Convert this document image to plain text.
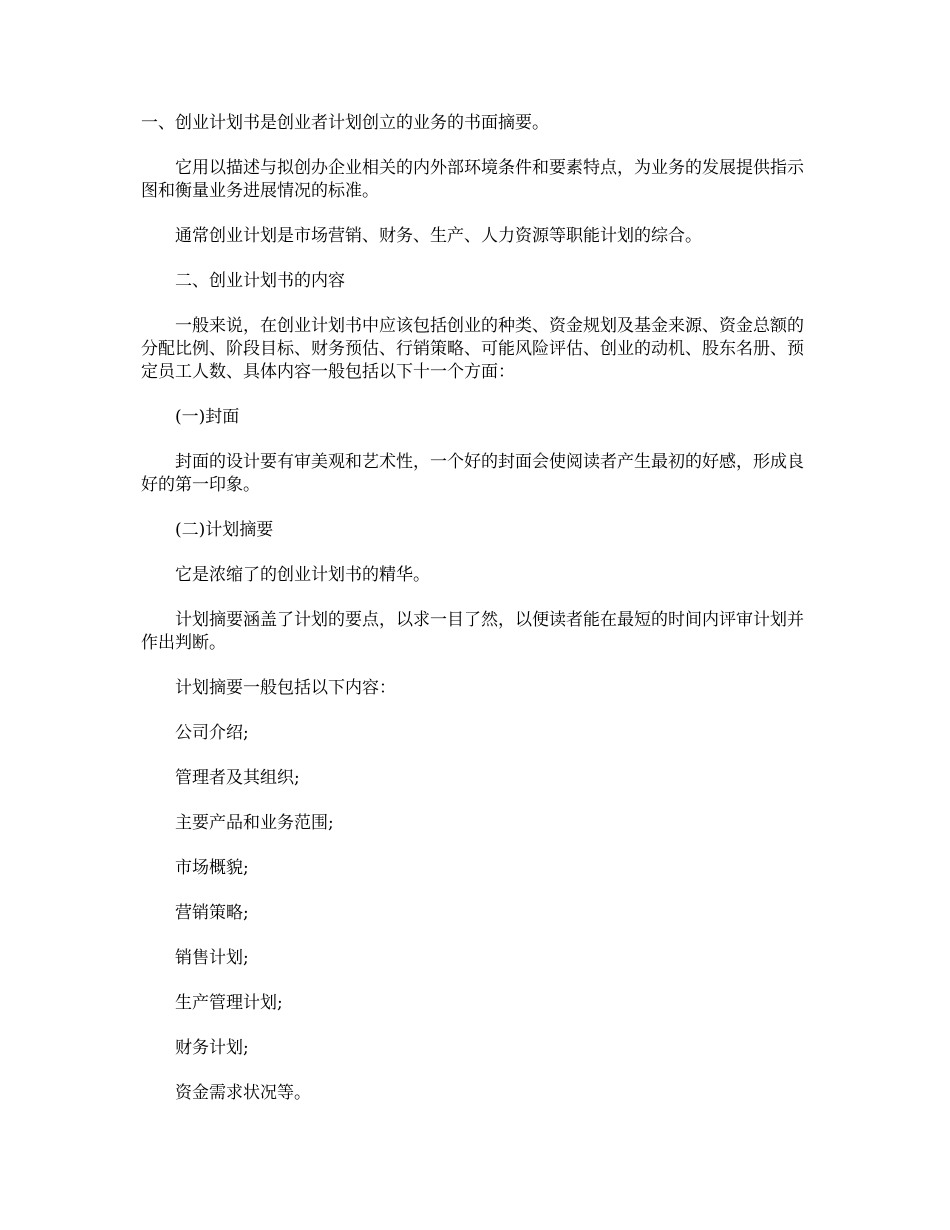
一、创业计划书是创业者计划创立的业务的书面摘要。

它用以描述与拟创办企业相关的内外部环境条件和要素特点，为业务的发展提供指示图和衡量业务进展情况的标准。

通常创业计划是市场营销、财务、生产、人力资源等职能计划的综合。

二、创业计划书的内容

一般来说，在创业计划书中应该包括创业的种类、资金规划及基金来源、资金总额的分配比例、阶段目标、财务预估、行销策略、可能风险评估、创业的动机、股东名册、预定员工人数、具体内容一般包括以下十一个方面：

(一)封面

封面的设计要有审美观和艺术性，一个好的封面会使阅读者产生最初的好感，形成良好的第一印象。

(二)计划摘要

它是浓缩了的创业计划书的精华。

计划摘要涵盖了计划的要点，以求一目了然，以便读者能在最短的时间内评审计划并作出判断。

计划摘要一般包括以下内容：

公司介绍;

管理者及其组织;

主要产品和业务范围;

市场概貌;

营销策略;

销售计划;

生产管理计划;

财务计划;

资金需求状况等。
